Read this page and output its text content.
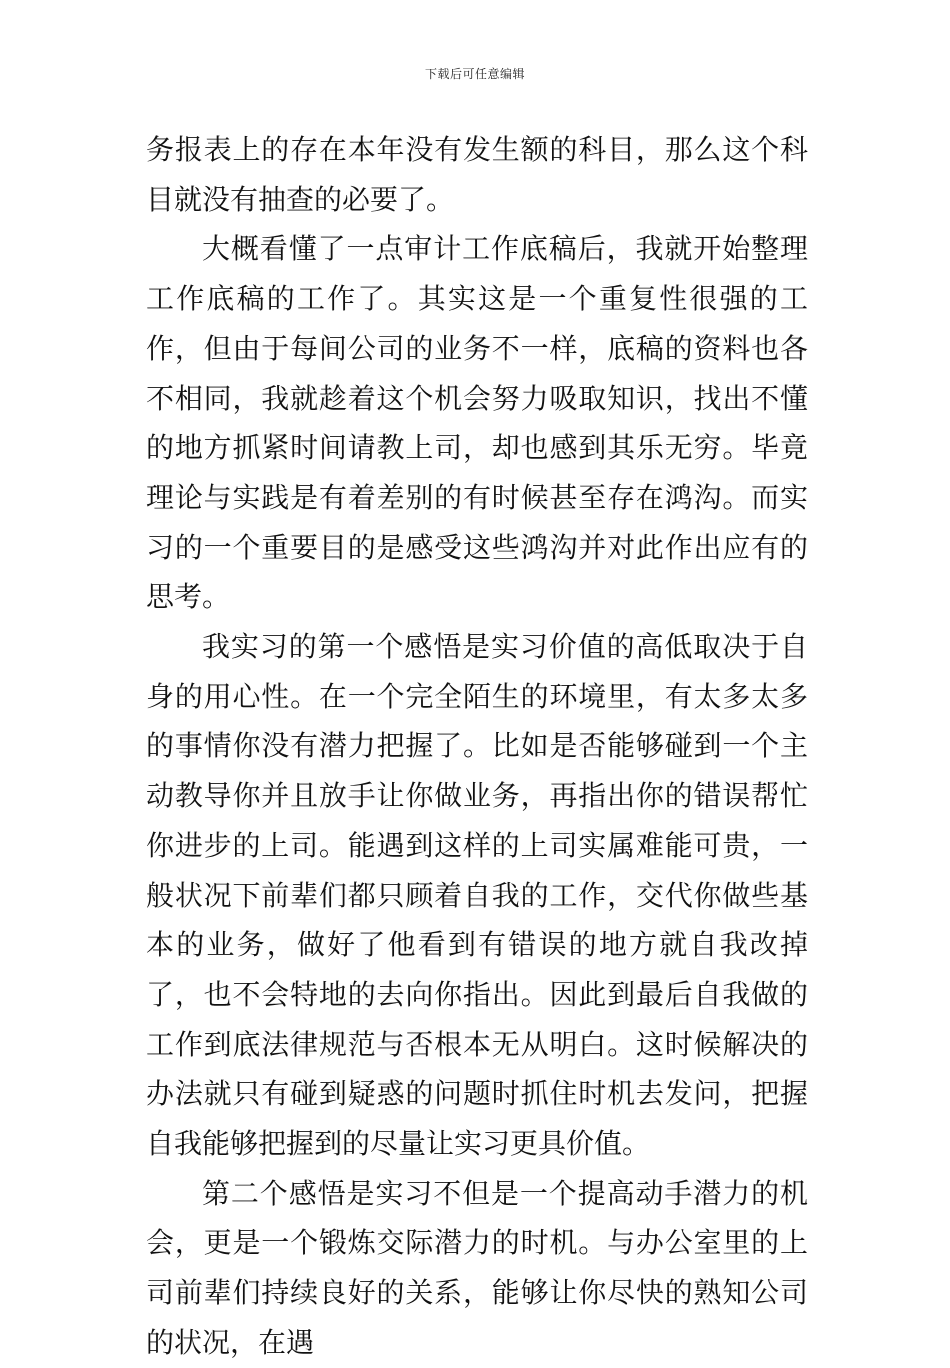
下载后可任意编辑

务报表上的存在本年没有发生额的科目，那么这个科目就没有抽查的必要了。

大概看懂了一点审计工作底稿后，我就开始整理工作底稿的工作了。其实这是一个重复性很强的工作，但由于每间公司的业务不一样，底稿的资料也各不相同，我就趁着这个机会努力吸取知识，找出不懂的地方抓紧时间请教上司，却也感到其乐无穷。毕竟理论与实践是有着差别的有时候甚至存在鸿沟。而实习的一个重要目的是感受这些鸿沟并对此作出应有的思考。

我实习的第一个感悟是实习价值的高低取决于自身的用心性。在一个完全陌生的环境里，有太多太多的事情你没有潜力把握了。比如是否能够碰到一个主动教导你并且放手让你做业务，再指出你的错误帮忙你进步的上司。能遇到这样的上司实属难能可贵，一般状况下前辈们都只顾着自我的工作，交代你做些基本的业务，做好了他看到有错误的地方就自我改掉了，也不会特地的去向你指出。因此到最后自我做的工作到底法律规范与否根本无从明白。这时候解决的办法就只有碰到疑惑的问题时抓住时机去发问，把握自我能够把握到的尽量让实习更具价值。

第二个感悟是实习不但是一个提高动手潜力的机会，更是一个锻炼交际潜力的时机。与办公室里的上司前辈们持续良好的关系，能够让你尽快的熟知公司的状况，在遇
